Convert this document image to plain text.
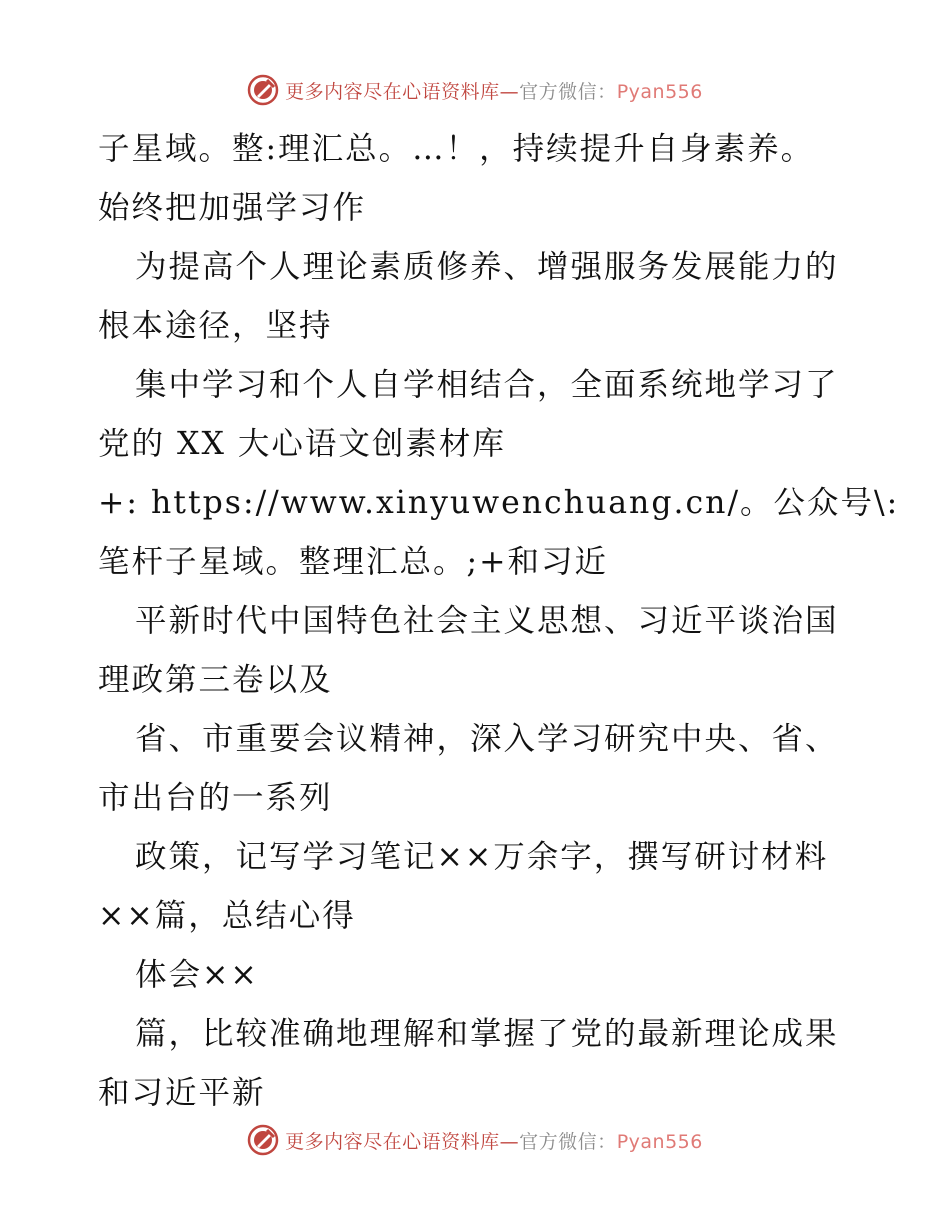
更多内容尽在心语资料库—官方微信：Pyan556
子星域。整:理汇总。…！，持续提升自身素养。
始终把加强学习作
为提高个人理论素质修养、增强服务发展能力的
根本途径，坚持
集中学习和个人自学相结合，全面系统地学习了
党的 XX 大心语文创素材库
+: https://www.xinyuwenchuang.cn/。公众号\:
笔杆子星域。整理汇总。;+和习近
平新时代中国特色社会主义思想、习近平谈治国
理政第三卷以及
省、市重要会议精神，深入学习研究中央、省、
市出台的一系列
政策，记写学习笔记××万余字，撰写研讨材料
××篇，总结心得
体会××
篇，比较准确地理解和掌握了党的最新理论成果
和习近平新
更多内容尽在心语资料库—官方微信：Pyan556
